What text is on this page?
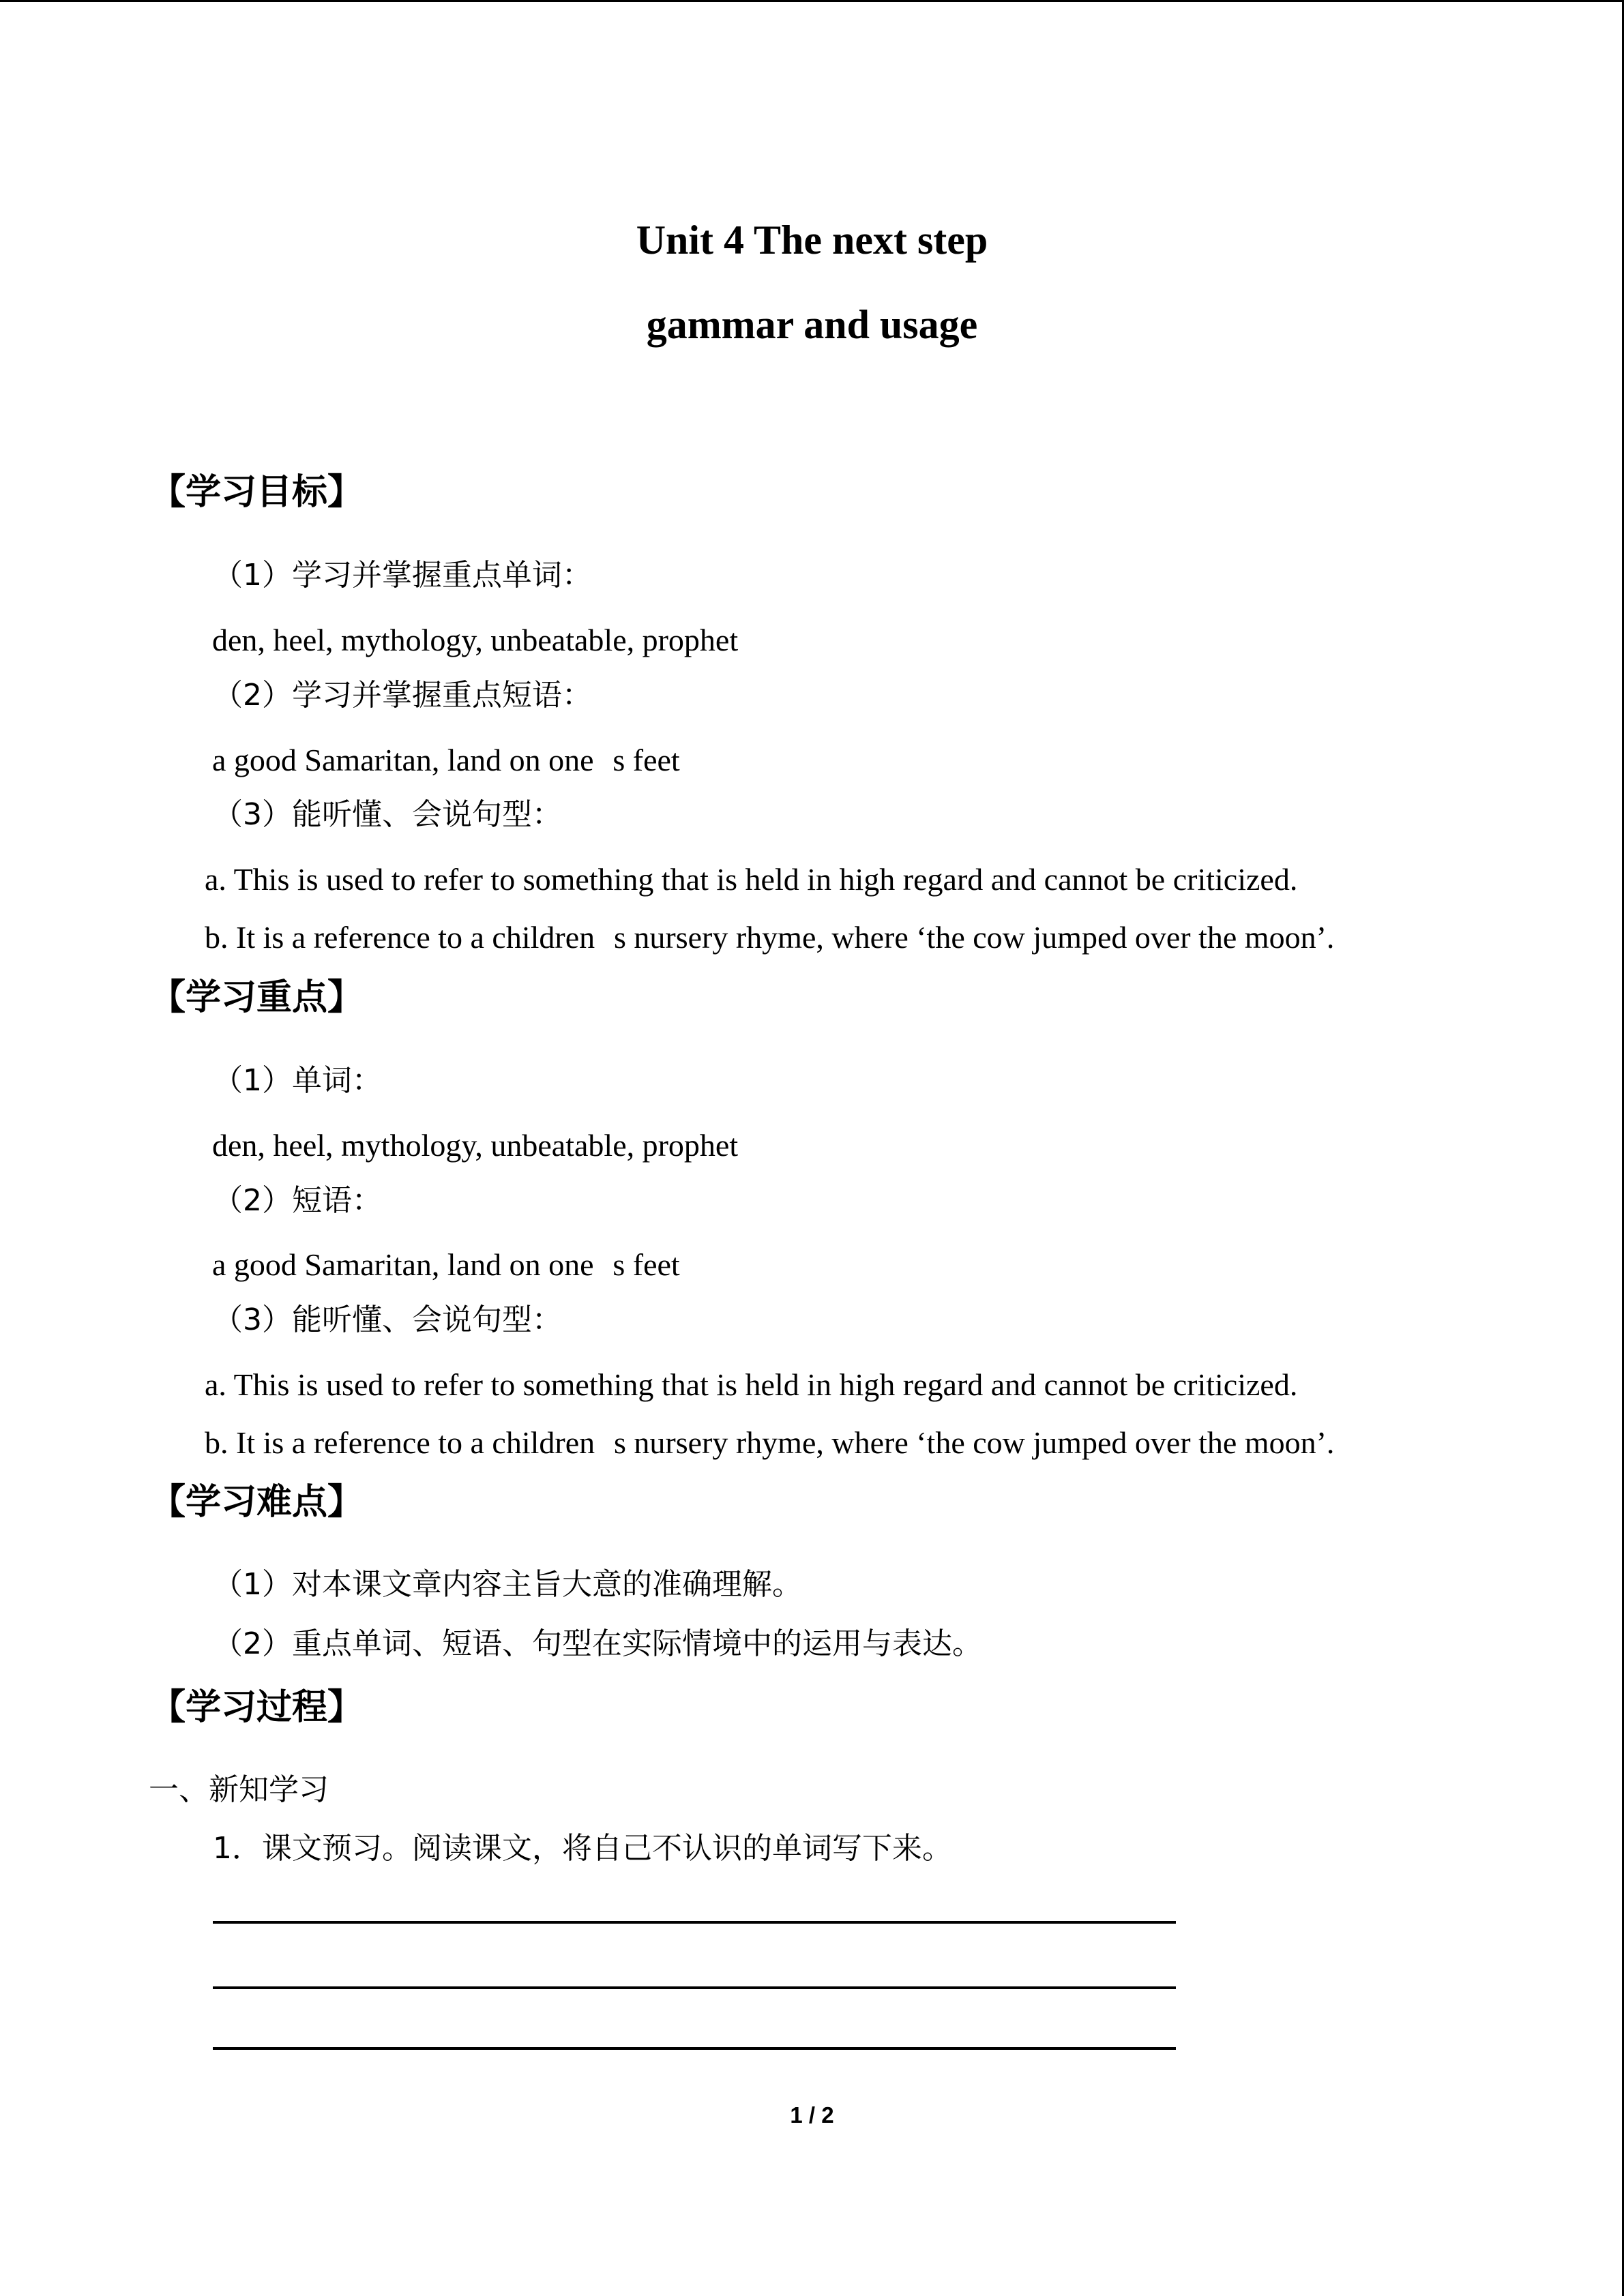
Unit 4 The next step
gammar and usage
【学习目标】
（1）学习并掌握重点单词：
den, heel, mythology, unbeatable, prophet
（2）学习并掌握重点短语：
a good Samaritan, land on ones feet
（3）能听懂、会说句型：
a. This is used to refer to something that is held in high regard and cannot be criticized.
b. It is a reference to a childrens nursery rhyme, where ‘the cow jumped over the moon’.
【学习重点】
（1）单词：
den, heel, mythology, unbeatable, prophet
（2）短语：
a good Samaritan, land on ones feet
（3）能听懂、会说句型：
a. This is used to refer to something that is held in high regard and cannot be criticized.
b. It is a reference to a childrens nursery rhyme, where ‘the cow jumped over the moon’.
【学习难点】
（1）对本课文章内容主旨大意的准确理解。
（2）重点单词、短语、句型在实际情境中的运用与表达。
【学习过程】
一、新知学习
1．课文预习。阅读课文，将自己不认识的单词写下来。
1 / 2
